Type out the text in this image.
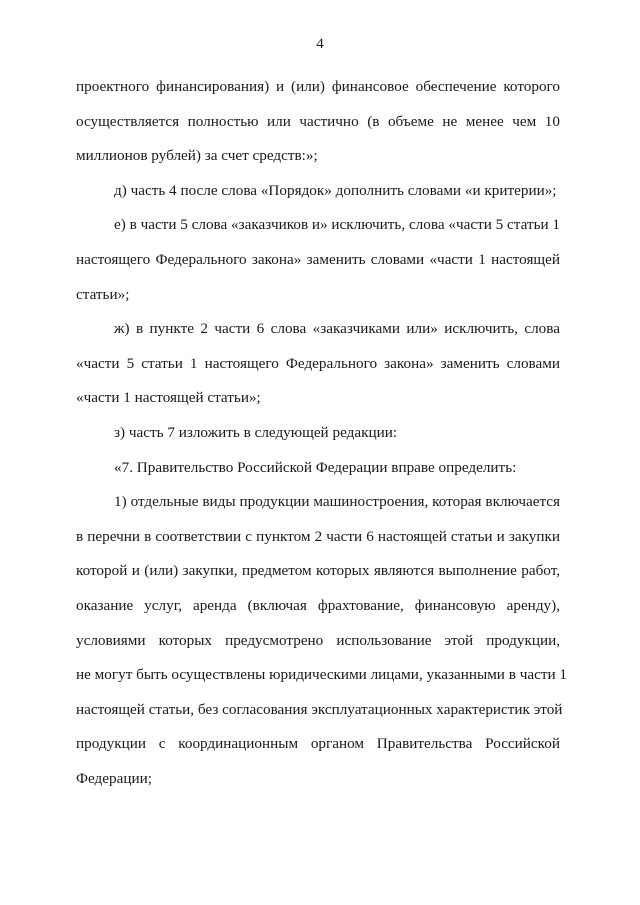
4

проектного финансирования) и (или) финансовое обеспечение которого
осуществляется полностью или частично (в объеме не менее чем 10
миллионов рублей) за счет средств:»;

д) часть 4 после слова «Порядок» дополнить словами «и критерии»;

е) в части 5 слова «заказчиков и» исключить, слова «части 5 статьи 1
настоящего Федерального закона» заменить словами «части 1 настоящей
статьи»;

ж) в пункте 2 части 6 слова «заказчиками или» исключить, слова
«части 5 статьи 1 настоящего Федерального закона» заменить словами
«части 1 настоящей статьи»;

з) часть 7 изложить в следующей редакции:

«7. Правительство Российской Федерации вправе определить:

1) отдельные виды продукции машиностроения, которая включается
в перечни в соответствии с пунктом 2 части 6 настоящей статьи и закупки
которой и (или) закупки, предметом которых являются выполнение работ,
оказание услуг, аренда (включая фрахтование, финансовую аренду),
условиями которых предусмотрено использование этой продукции,
не могут быть осуществлены юридическими лицами, указанными в части 1
настоящей статьи, без согласования эксплуатационных характеристик этой
продукции с координационным органом Правительства Российской
Федерации;
